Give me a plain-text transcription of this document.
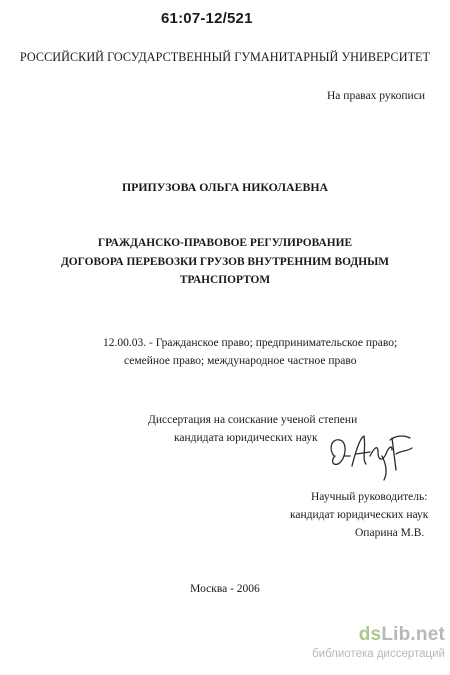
61:07-12/521
РОССИЙСКИЙ ГОСУДАРСТВЕННЫЙ ГУМАНИТАРНЫЙ УНИВЕРСИТЕТ
На правах рукописи
ПРИПУЗОВА ОЛЬГА НИКОЛАЕВНА
ГРАЖДАНСКО-ПРАВОВОЕ РЕГУЛИРОВАНИЕ
ДОГОВОРА ПЕРЕВОЗКИ ГРУЗОВ ВНУТРЕННИМ ВОДНЫМ
ТРАНСПОРТОМ
12.00.03. - Гражданское право; предпринимательское право;
семейное право; международное частное право
Диссертация на соискание ученой степени
кандидата юридических наук
Научный руководитель:
кандидат юридических наук
Опарина М.В.
Москва - 2006
dsLib.net
библиотека диссертаций
